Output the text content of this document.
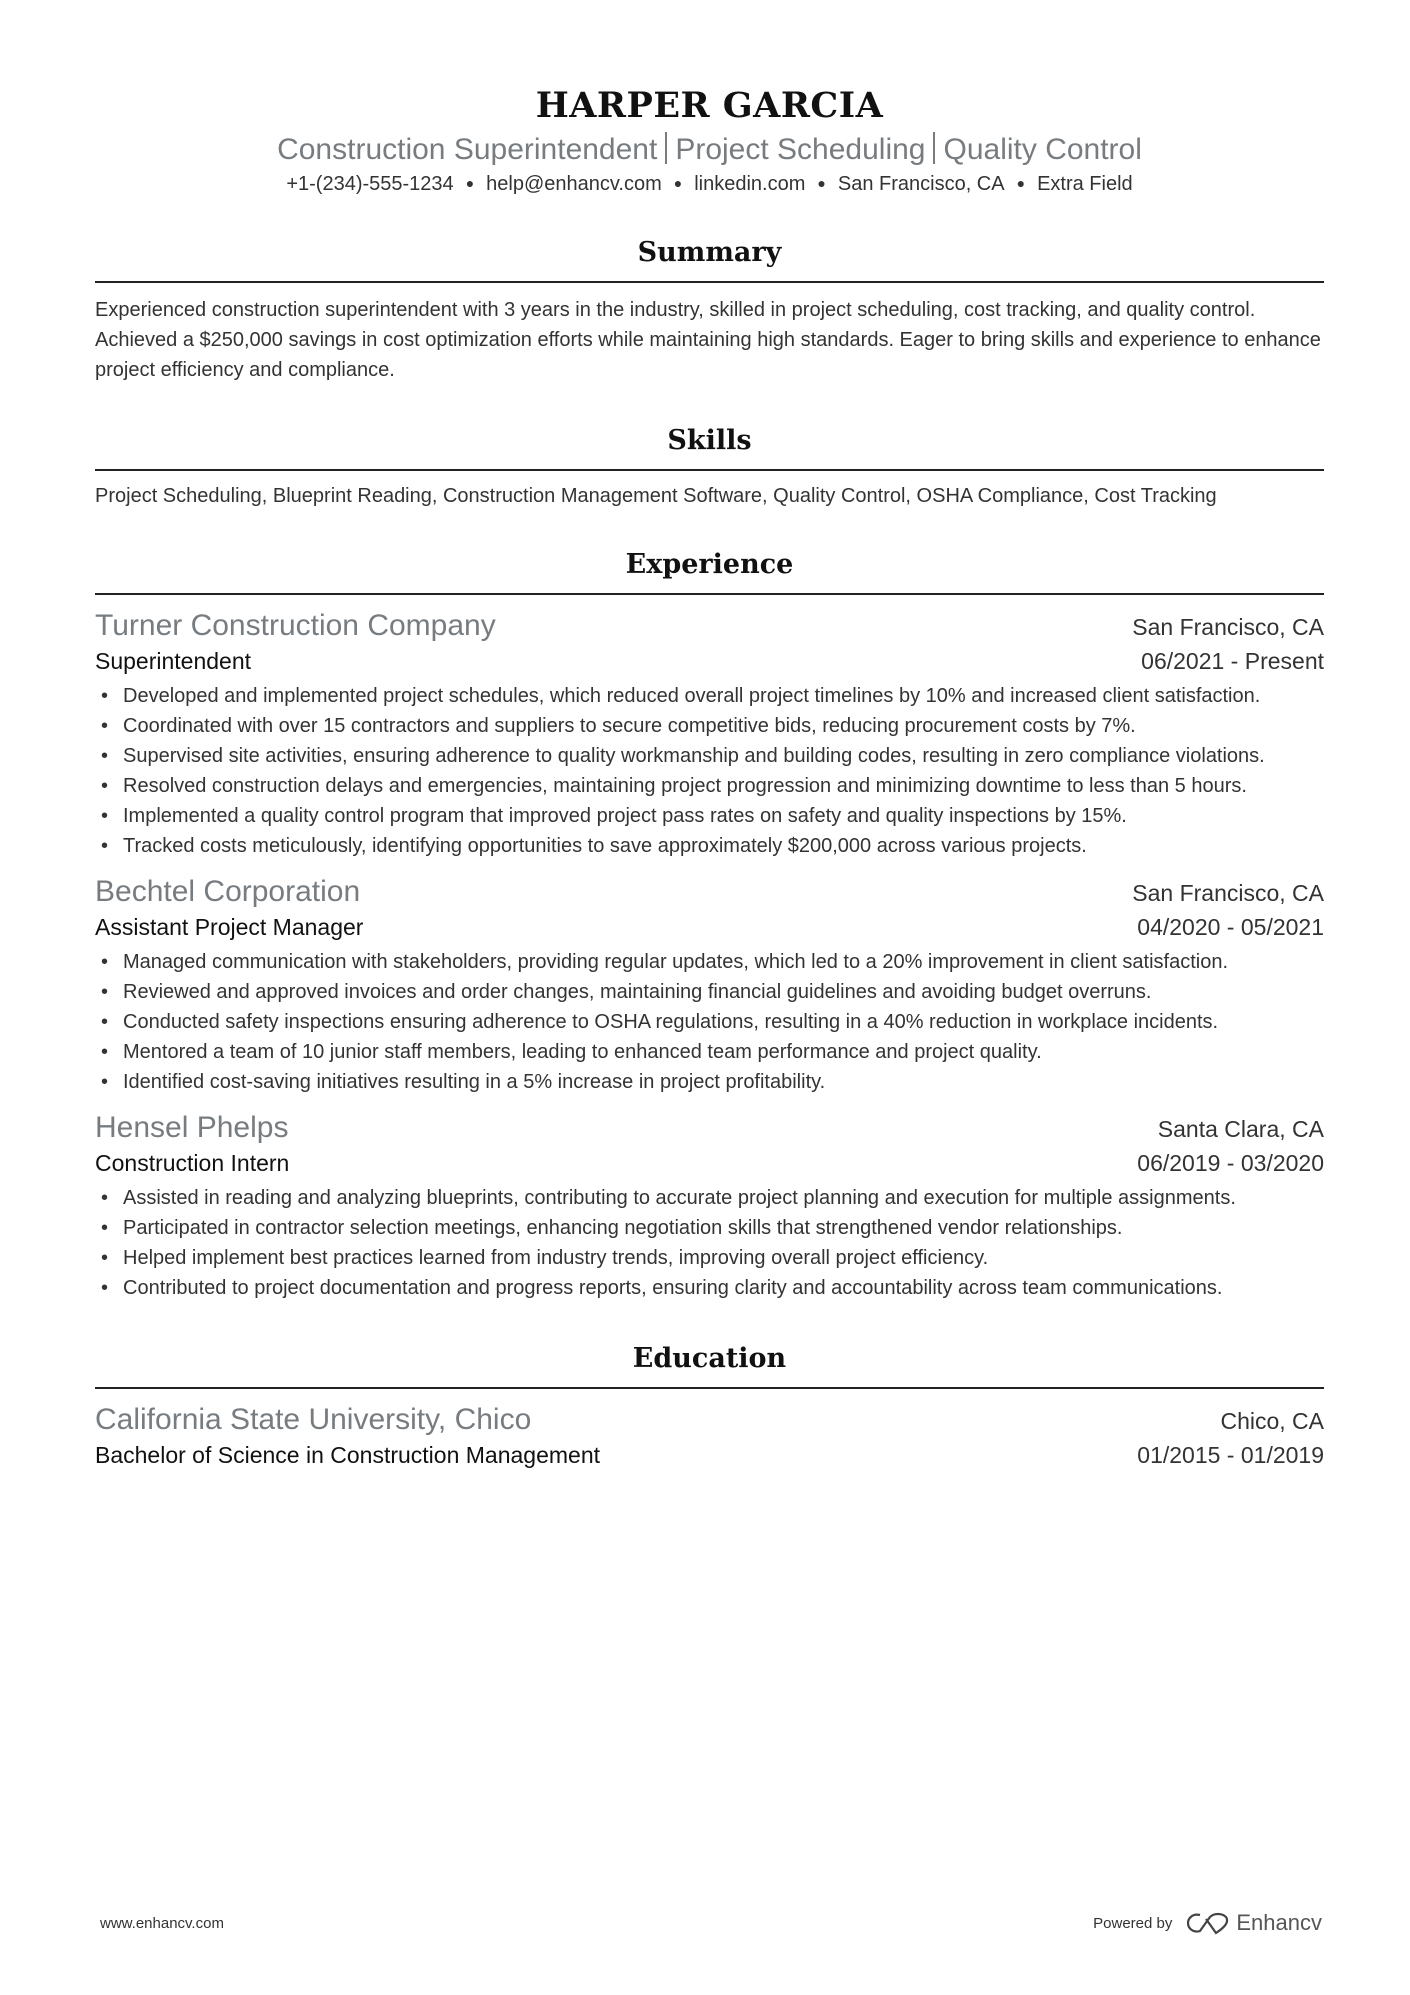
HARPER GARCIA
Construction Superintendent Project Scheduling Quality Control
+1-(234)-555-1234 ● help@enhancv.com ● linkedin.com ● San Francisco, CA ● Extra Field
Summary

Experienced construction superintendent with 3 years in the industry, skilled in project scheduling, cost tracking, and quality control. Achieved a $250,000 savings in cost optimization efforts while maintaining high standards. Eager to bring skills and experience to enhance project efficiency and compliance.

Skills

Project Scheduling, Blueprint Reading, Construction Management Software, Quality Control, OSHA Compliance, Cost Tracking

Experience
Turner Construction Company	San Francisco, CA
Superintendent	06/2021 - Present
• Developed and implemented project schedules, which reduced overall project timelines by 10% and increased client satisfaction.
• Coordinated with over 15 contractors and suppliers to secure competitive bids, reducing procurement costs by 7%.
• Supervised site activities, ensuring adherence to quality workmanship and building codes, resulting in zero compliance violations.
• Resolved construction delays and emergencies, maintaining project progression and minimizing downtime to less than 5 hours.
• Implemented a quality control program that improved project pass rates on safety and quality inspections by 15%.
• Tracked costs meticulously, identifying opportunities to save approximately $200,000 across various projects.
Bechtel Corporation	San Francisco, CA
Assistant Project Manager	04/2020 - 05/2021
• Managed communication with stakeholders, providing regular updates, which led to a 20% improvement in client satisfaction.
• Reviewed and approved invoices and order changes, maintaining financial guidelines and avoiding budget overruns.
• Conducted safety inspections ensuring adherence to OSHA regulations, resulting in a 40% reduction in workplace incidents.
• Mentored a team of 10 junior staff members, leading to enhanced team performance and project quality.
• Identified cost-saving initiatives resulting in a 5% increase in project profitability.
Hensel Phelps	Santa Clara, CA
Construction Intern	06/2019 - 03/2020
• Assisted in reading and analyzing blueprints, contributing to accurate project planning and execution for multiple assignments.
• Participated in contractor selection meetings, enhancing negotiation skills that strengthened vendor relationships.
• Helped implement best practices learned from industry trends, improving overall project efficiency.
• Contributed to project documentation and progress reports, ensuring clarity and accountability across team communications.
Education
California State University, Chico	Chico, CA
Bachelor of Science in Construction Management	01/2015 - 01/2019
www.enhancv.com	Powered by	Enhancv
